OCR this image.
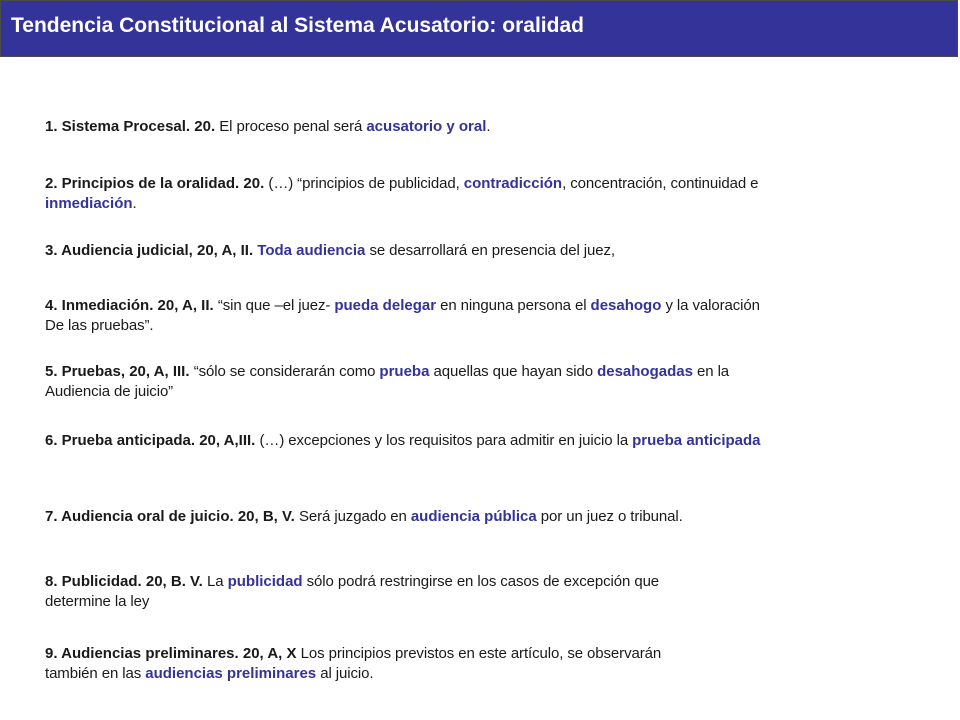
Tendencia Constitucional al Sistema Acusatorio: oralidad
1. Sistema Procesal. 20. El proceso penal será acusatorio y oral.
2. Principios de la oralidad. 20. (…) “principios de publicidad, contradicción, concentración, continuidad e
inmediación.
3. Audiencia judicial, 20, A, II. Toda audiencia se desarrollará en presencia del juez,
4. Inmediación. 20, A, II. “sin que –el juez- pueda delegar en ninguna persona el desahogo y la valoración
De las pruebas”.
5. Pruebas, 20, A, III. “sólo se considerarán como prueba aquellas que hayan sido desahogadas en la
Audiencia de juicio”
6. Prueba anticipada. 20, A,III. (…) excepciones y los requisitos para admitir en juicio la prueba anticipada
7. Audiencia oral de juicio. 20, B, V. Será juzgado en audiencia pública por un juez o tribunal.
8. Publicidad. 20, B. V. La publicidad sólo podrá restringirse en los casos de excepción que
determine la ley
9. Audiencias preliminares. 20, A, X Los principios previstos en este artículo, se observarán
también en las audiencias preliminares al juicio.
